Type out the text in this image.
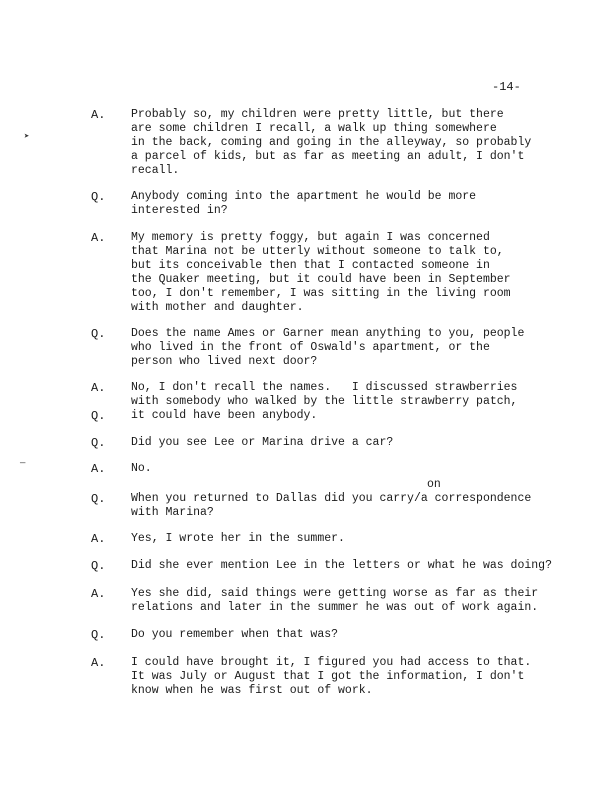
-14-
➤
—
A. Probably so, my children were pretty little, but there
are some children I recall, a walk up thing somewhere
in the back, coming and going in the alleyway, so probably
a parcel of kids, but as far as meeting an adult, I don't
recall.
Q. Anybody coming into the apartment he would be more
interested in?
A. My memory is pretty foggy, but again I was concerned
that Marina not be utterly without someone to talk to,
but its conceivable then that I contacted someone in
the Quaker meeting, but it could have been in September
too, I don't remember, I was sitting in the living room
with mother and daughter.
Q. Does the name Ames or Garner mean anything to you, people
who lived in the front of Oswald's apartment, or the
person who lived next door?
A. No, I don't recall the names.   I discussed strawberries
with somebody who walked by the little strawberry patch,
it could have been anybody.
Q.
Q. Did you see Lee or Marina drive a car?
A. No.
on
Q. When you returned to Dallas did you carry/a correspondence
with Marina?
A. Yes, I wrote her in the summer.
Q. Did she ever mention Lee in the letters or what he was doing?
A. Yes she did, said things were getting worse as far as their
relations and later in the summer he was out of work again.
Q. Do you remember when that was?
A. I could have brought it, I figured you had access to that.
It was July or August that I got the information, I don't
know when he was first out of work.
